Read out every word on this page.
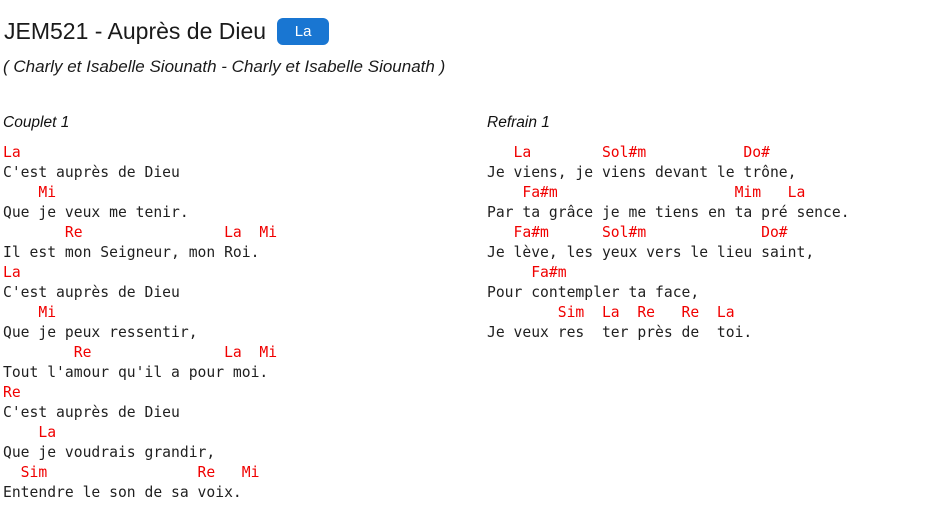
JEM521 - Auprès de Dieu	La
( Charly et Isabelle Siounath - Charly et Isabelle Siounath )
Couplet 1
La
C'est auprès de Dieu
Mi
Que je veux me tenir.
Re                La  Mi
Il est mon Seigneur, mon Roi.
La
C'est auprès de Dieu
Mi
Que je peux ressentir,
Re               La  Mi
Tout l'amour qu'il a pour moi.
Re
C'est auprès de Dieu
La
Que je voudrais grandir,
Sim                 Re   Mi
Entendre le son de sa voix.
Refrain 1
La        Sol#m           Do#
Je viens, je viens devant le trône,
Fa#m                    Mim   La
Par ta grâce je me tiens en ta pré sence.
Fa#m      Sol#m             Do#
Je lève, les yeux vers le lieu saint,
Fa#m
Pour contempler ta face,
Sim  La  Re   Re  La
Je veux res  ter près de  toi.
